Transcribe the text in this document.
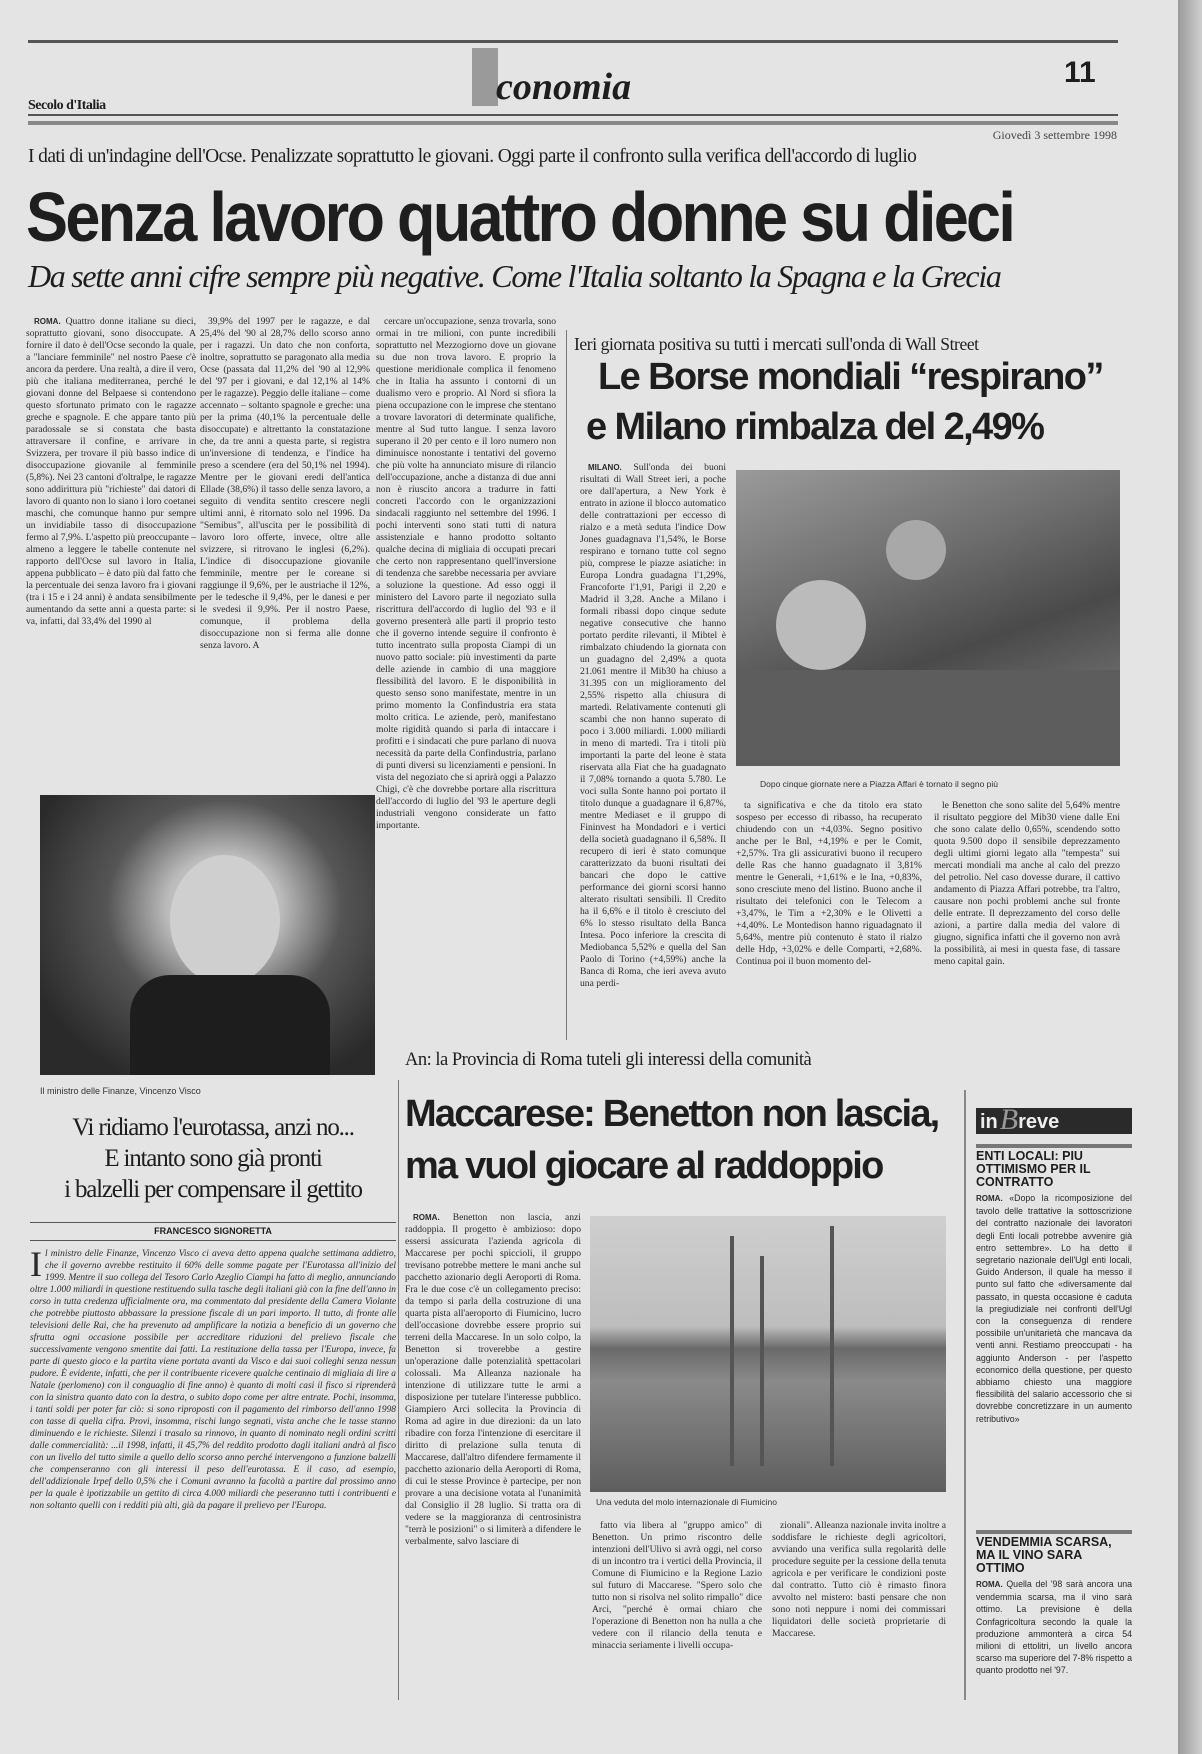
conomia	11
Secolo d'Italia
Giovedì 3 settembre 1998
I dati di un'indagine dell'Ocse. Penalizzate soprattutto le giovani. Oggi parte il confronto sulla verifica dell'accordo di luglio
Senza lavoro quattro donne su dieci
Da sette anni cifre sempre più negative. Come l'Italia soltanto la Spagna e la Grecia

ROMA. Quattro donne italiane su dieci, soprattutto giovani, sono disoccupate. A fornire il dato è dell'Ocse secondo la quale, a "lanciare femminile" nel nostro Paese c'è ancora da perdere. Una realtà, a dire il vero, più che italiana mediterranea, perché le giovani donne del Belpaese si contendono questo sfortunato primato con le ragazze greche e spagnole. E che appare tanto più paradossale se si constata che basta attraversare il confine, e arrivare in Svizzera, per trovare il più basso indice di disoccupazione giovanile al femminile (5,8%). Nei 23 cantoni d'oltralpe, le ragazze sono addirittura più "richieste" dai datori di lavoro di quanto non lo siano i loro coetanei maschi, che comunque hanno pur sempre un invidiabile tasso di disoccupazione fermo al 7,9%. L'aspetto più preoccupante – almeno a leggere le tabelle contenute nel rapporto dell'Ocse sul lavoro in Italia, appena pubblicato – è dato più dal fatto che la percentuale dei senza lavoro fra i giovani (tra i 15 e i 24 anni) è andata sensibilmente aumentando da sette anni a questa parte: si va, infatti, dal 33,4% del 1990 al

39,9% del 1997 per le ragazze, e dal 25,4% del '90 al 28,7% dello scorso anno per i ragazzi. Un dato che non conforta, inoltre, soprattutto se paragonato alla media Ocse (passata dal 11,2% del '90 al 12,9% del '97 per i giovani, e dal 12,1% al 14% per le ragazze). Peggio delle italiane – come accennato – soltanto spagnole e greche: una per la prima (40,1% la percentuale delle disoccupate) e altrettanto la constatazione che, da tre anni a questa parte, si registra un'inversione di tendenza, e l'indice ha preso a scendere (era del 50,1% nel 1994). Mentre per le giovani eredi dell'antica Ellade (38,6%) il tasso delle senza lavoro, a seguito di vendita sentito crescere negli ultimi anni, è ritornato solo nel 1996. Da "Semibus", all'uscita per le possibilità di lavoro loro offerte, invece, oltre alle svizzere, si ritrovano le inglesi (6,2%). L'indice di disoccupazione giovanile femminile, mentre per le coreane si raggiunge il 9,6%, per le austriache il 12%, per le tedesche il 9,4%, per le danesi e per le svedesi il 9,9%. Per il nostro Paese, comunque, il problema della disoccupazione non si ferma alle donne senza lavoro. A

cercare un'occupazione, senza trovarla, sono ormai in tre milioni, con punte incredibili soprattutto nel Mezzogiorno dove un giovane su due non trova lavoro. E proprio la questione meridionale complica il fenomeno che in Italia ha assunto i contorni di un dualismo vero e proprio. Al Nord si sfiora la piena occupazione con le imprese che stentano a trovare lavoratori di determinate qualifiche, mentre al Sud tutto langue. I senza lavoro superano il 20 per cento e il loro numero non diminuisce nonostante i tentativi del governo che più volte ha annunciato misure di rilancio dell'occupazione, anche a distanza di due anni non è riuscito ancora a tradurre in fatti concreti l'accordo con le organizzazioni sindacali raggiunto nel settembre del 1996. I pochi interventi sono stati tutti di natura assistenziale e hanno prodotto soltanto qualche decina di migliaia di occupati precari che certo non rappresentano quell'inversione di tendenza che sarebbe necessaria per avviare a soluzione la questione. Ad esso oggi il ministero del Lavoro parte il negoziato sulla riscrittura dell'accordo di luglio del '93 e il governo presenterà alle parti il proprio testo che il governo intende seguire il confronto è tutto incentrato sulla proposta Ciampi di un nuovo patto sociale: più investimenti da parte delle aziende in cambio di una maggiore flessibilità del lavoro. E le disponibilità in questo senso sono manifestate, mentre in un primo momento la Confindustria era stata molto critica. Le aziende, però, manifestano molte rigidità quando si parla di intaccare i profitti e i sindacati che pure parlano di nuova necessità da parte della Confindustria, parlano di punti diversi su licenziamenti e pensioni. In vista del negoziato che si aprirà oggi a Palazzo Chigi, c'è che dovrebbe portare alla riscrittura dell'accordo di luglio del '93 le aperture degli industriali vengono considerate un fatto importante.

Il ministro delle Finanze, Vincenzo Visco
Ieri giornata positiva su tutti i mercati sull'onda di Wall Street
Le Borse mondiali “respirano”
e Milano rimbalza del 2,49%

MILANO. Sull'onda dei buoni risultati di Wall Street ieri, a poche ore dall'apertura, a New York è entrato in azione il blocco automatico delle contrattazioni per eccesso di rialzo e a metà seduta l'indice Dow Jones guadagnava l'1,54%, le Borse respirano e tornano tutte col segno più, comprese le piazze asiatiche: in Europa Londra guadagna l'1,29%, Francoforte l'1,91, Parigi il 2,20 e Madrid il 3,28. Anche a Milano i formali ribassi dopo cinque sedute negative consecutive che hanno portato perdite rilevanti, il Mibtel è rimbalzato chiudendo la giornata con un guadagno del 2,49% a quota 21.061 mentre il Mib30 ha chiuso a 31.395 con un miglioramento del 2,55% rispetto alla chiusura di martedì. Relativamente contenuti gli scambi che non hanno superato di poco i 3.000 miliardi. 1.000 miliardi in meno di martedì. Tra i titoli più importanti la parte del leone è stata riservata alla Fiat che ha guadagnato il 7,08% tornando a quota 5.780. Le voci sulla Sonte hanno poi portato il titolo dunque a guadagnare il 6,87%, mentre Mediaset e il gruppo di Fininvest ha Mondadori e i vertici della società guadagnano il 6,58%. Il recupero di ieri è stato comunque caratterizzato da buoni risultati dei bancari che dopo le cattive performance dei giorni scorsi hanno alterato risultati sensibili. Il Credito ha il 6,6% e il titolo è cresciuto del 6% lo stesso risultato della Banca Intesa. Poco inferiore la crescita di Mediobanca 5,52% e quella del San Paolo di Torino (+4,59%) anche la Banca di Roma, che ieri aveva avuto una perdi-

Dopo cinque giornate nere a Piazza Affari è tornato il segno più

ta significativa e che da titolo era stato sospeso per eccesso di ribasso, ha recuperato chiudendo con un +4,03%. Segno positivo anche per le Bnl, +4,19% e per le Comit, +2,57%. Tra gli assicurativi buono il recupero delle Ras che hanno guadagnato il 3,81% mentre le Generali, +1,61% e le Ina, +0,83%, sono cresciute meno del listino. Buono anche il risultato dei telefonici con le Telecom a +3,47%, le Tim a +2,30% e le Olivetti a +4,40%. Le Montedison hanno riguadagnato il 5,64%, mentre più contenuto è stato il rialzo delle Hdp, +3,02% e delle Comparti, +2,68%. Continua poi il buon momento del-

le Benetton che sono salite del 5,64% mentre il risultato peggiore del Mib30 viene dalle Eni che sono calate dello 0,65%, scendendo sotto quota 9.500 dopo il sensibile deprezzamento degli ultimi giorni legato alla "tempesta" sui mercati mondiali ma anche al calo del prezzo del petrolio. Nel caso dovesse durare, il cattivo andamento di Piazza Affari potrebbe, tra l'altro, causare non pochi problemi anche sul fronte delle entrate. Il deprezzamento del corso delle azioni, a partire dalla media del valore di giugno, significa infatti che il governo non avrà la possibilità, ai mesi in questa fase, di tassare meno capital gain.

Vi ridiamo l'eurotassa, anzi no...
E intanto sono già pronti
i balzelli per compensare il gettito
FRANCESCO SIGNORETTA
Il ministro delle Finanze, Vincenzo Visco ci aveva detto appena qualche settimana addietro, che il governo avrebbe restituito il 60% delle somme pagate per l'Eurotassa all'inizio del 1999. Mentre il suo collega del Tesoro Carlo Azeglio Ciampi ha fatto di meglio, annunciando oltre 1.000 miliardi in questione restituendo sulla tasche degli italiani già con la fine dell'anno in corso in tutta credenza ufficialmente ora, ma commentato dal presidente della Camera Violante che potrebbe piuttosto abbassare la pressione fiscale di un pari importo. Il tutto, di fronte alle televisioni delle Rai, che ha prevenuto ad amplificare la notizia a beneficio di un governo che sfrutta ogni occasione possibile per accreditare riduzioni del prelievo fiscale che successivamente vengono smentite dai fatti. La restituzione della tassa per l'Europa, invece, fa parte di questo gioco e la partita viene portata avanti da Visco e dai suoi colleghi senza nessun pudore. È evidente, infatti, che per il contribuente ricevere qualche centinaio di migliaia di lire a Natale (perlomeno) con il conguaglio di fine anno) è quanto di molti casi il fisco si riprenderà con la sinistra quanto dato con la destra, o subito dopo come per altre entrate. Pochi, insomma, i tanti soldi per poter far ciò: si sono riproposti con il pagamento del rimborso dell'anno 1998 con tasse di quella cifra. Provi, insomma, rischi lungo segnati, vista anche che le tasse stanno diminuendo e le richieste. Silenzi i trasalo sa rinnovo, in quanto di nominato negli ordini scritti dalle commercialità: ...il 1998, infatti, il 45,7% del reddito prodotto dagli italiani andrà al fisco con un livello del tutto simile a quello dello scorso anno perché intervengono a funzione balzelli che compenseranno con gli interessi il peso dell'eurotassa. E il caso, ad esempio, dell'addizionale Irpef dello 0,5% che i Comuni avranno la facoltà a partire dal prossimo anno per la quale è ipotizzabile un gettito di circa 4.000 miliardi che peseranno tutti i contribuenti e non soltanto quelli con i redditi più alti, già da pagare il prelievo per l'Europa.
An: la Provincia di Roma tuteli gli interessi della comunità
Maccarese: Benetton non lascia,
ma vuol giocare al raddoppio

ROMA. Benetton non lascia, anzi raddoppia. Il progetto è ambizioso: dopo essersi assicurata l'azienda agricola di Maccarese per pochi spiccioli, il gruppo trevisano potrebbe mettere le mani anche sul pacchetto azionario degli Aeroporti di Roma. Fra le due cose c'è un collegamento preciso: da tempo si parla della costruzione di una quarta pista all'aeroporto di Fiumicino, lucro dell'occasione dovrebbe essere proprio sui terreni della Maccarese. In un solo colpo, la Benetton si troverebbe a gestire un'operazione dalle potenzialità spettacolari colossali. Ma Alleanza nazionale ha intenzione di utilizzare tutte le armi a disposizione per tutelare l'interesse pubblico. Giampiero Arci sollecita la Provincia di Roma ad agire in due direzioni: da un lato ribadire con forza l'intenzione di esercitare il diritto di prelazione sulla tenuta di Maccarese, dall'altro difendere fermamente il pacchetto azionario della Aeroporti di Roma, di cui le stesse Province è partecipe, per non provare a una decisione votata al l'unanimità dal Consiglio il 28 luglio. Si tratta ora di vedere se la maggioranza di centrosinistra "terrà le posizioni" o si limiterà a difendere le verbalmente, salvo lasciare di

Una veduta del molo internazionale di Fiumicino

fatto via libera al "gruppo amico" di Benetton. Un primo riscontro delle intenzioni dell'Ulivo si avrà oggi, nel corso di un incontro tra i vertici della Provincia, il Comune di Fiumicino e la Regione Lazio sul futuro di Maccarese. "Spero solo che tutto non si risolva nel solito rimpallo" dice Arci, "perché è ormai chiaro che l'operazione di Benetton non ha nulla a che vedere con il rilancio della tenuta e minaccia seriamente i livelli occupa-

zionali". Alleanza nazionale invita inoltre a soddisfare le richieste degli agricoltori, avviando una verifica sulla regolarità delle procedure seguite per la cessione della tenuta agricola e per verificare le condizioni poste dal contratto. Tutto ciò è rimasto finora avvolto nel mistero: basti pensare che non sono noti neppure i nomi dei commissari liquidatori delle società proprietarie di Maccarese.

in B reve
ENTI LOCALI: PIU OTTIMISMO PER IL CONTRATTO
ROMA. «Dopo la ricomposizione del tavolo delle trattative la sottoscrizione del contratto nazionale dei lavoratori degli Enti locali potrebbe avvenire già entro settembre». Lo ha detto il segretario nazionale dell'Ugl enti locali, Guido Anderson, il quale ha messo il punto sul fatto che «diversamente dal passato, in questa occasione è caduta la pregiudiziale nei confronti dell'Ugl con la conseguenza di rendere possibile un'unitarietà che mancava da venti anni. Restiamo preoccupati - ha aggiunto Anderson - per l'aspetto economico della questione, per questo abbiamo chiesto una maggiore flessibilità del salario accessorio che si dovrebbe concretizzare in un aumento retributivo»
VENDEMMIA SCARSA, MA IL VINO SARA OTTIMO
ROMA. Quella del '98 sarà ancora una vendemmia scarsa, ma il vino sarà ottimo. La previsione è della Confagricoltura secondo la quale la produzione ammonterà a circa 54 milioni di ettolitri, un livello ancora scarso ma superiore del 7-8% rispetto a quanto prodotto nel '97.
